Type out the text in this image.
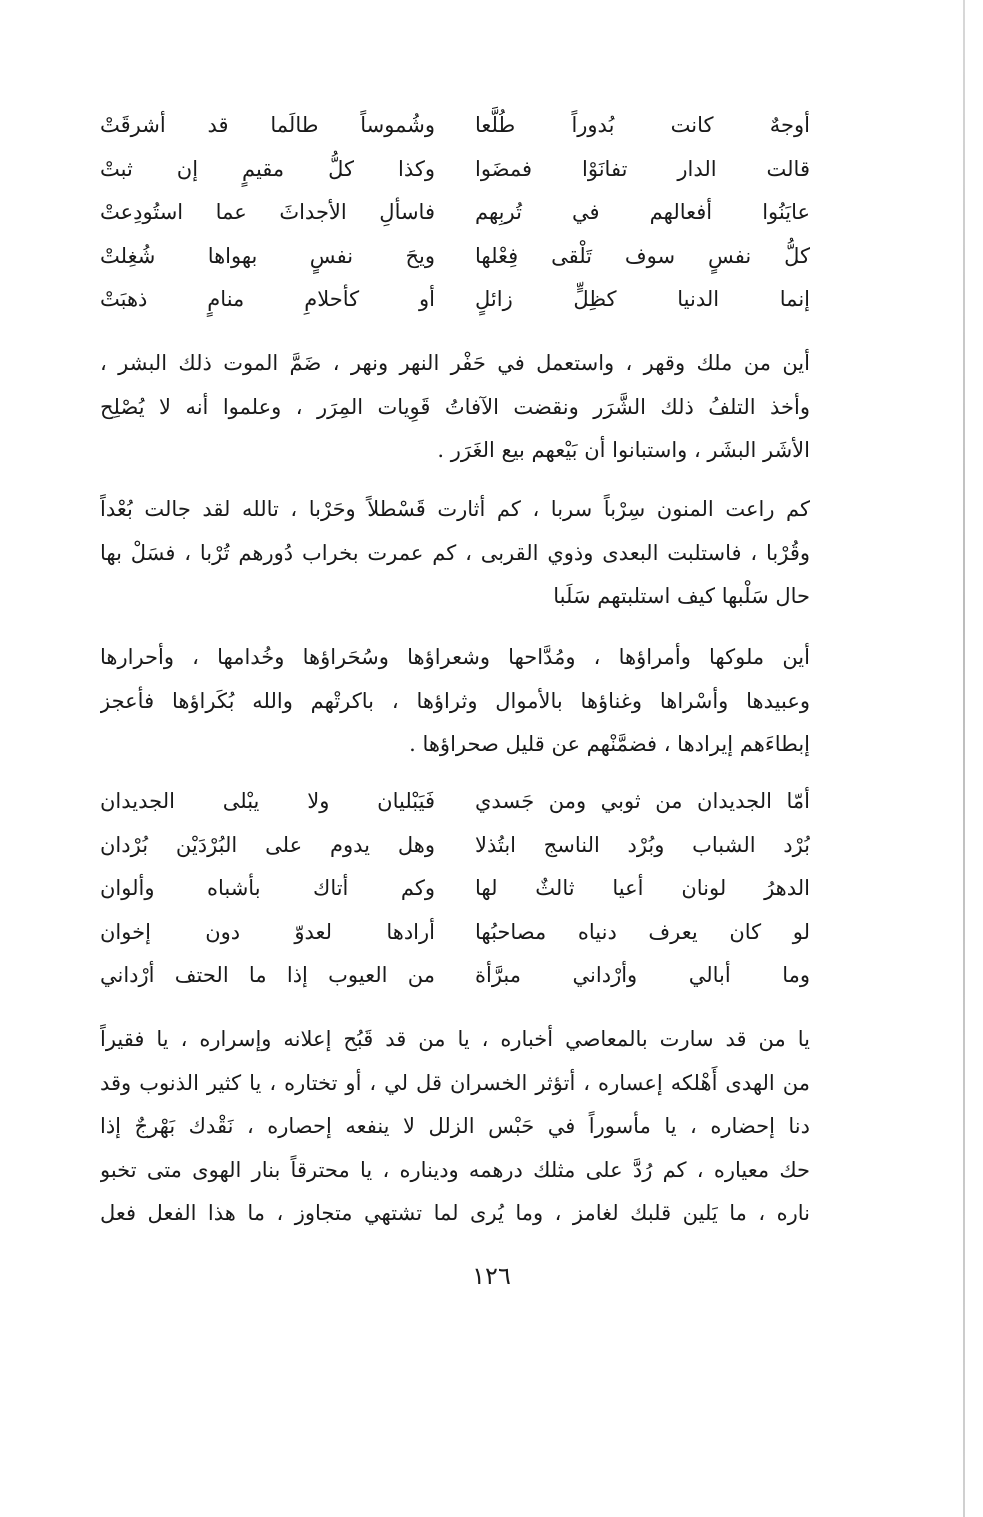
أوجهٌ كانت بُدوراً طُلَّعا
وشُموساً طالَما قد أشرقَتْ
قالت الدار تفانَوْا فمضَوا
وكذا كلُّ مقيمٍ إن ثبتْ
عايَنُوا أفعالهم في تُربِهم
فاسألِ الأجداثَ عما استُودِعتْ
كلُّ نفسٍ سوف تَلْقى فِعْلها
ويحَ نفسٍ بهواها شُغِلتْ
إنما الدنيا كظِلٍّ زائلٍ
أو كأحلامِ منامٍ ذهبَتْ
أين من ملك وقهر ، واستعمل في حَفْر النهر ونهر ، ضَمَّ الموت ذلك البشر ،
وأخذ التلفُ ذلك الشَّرَر ونقضت الآفاتُ قَوِيات المِرَر ، وعلموا أنه لا يُصْلِح
الأشَر البشَر ، واستبانوا أن بَيْعهم بيع الغَرَر .
كم راعت المنون سِرْباً سربا ، كم أثارت قَسْطلاً وحَرْبا ، تالله لقد جالت بُعْداً
وقُرْبا ، فاستلبت البعدى وذوي القربى ، كم عمرت بخراب دُورهم تُرْبا ، فسَلْ بها
حال سَلْبها كيف استلبتهم سَلَبا
أين ملوكها وأمراؤها ، ومُدَّاحها وشعراؤها وسُحَراؤها وخُدامها ، وأحرارها
وعبيدها وأسْراها وغناؤها بالأموال وثراؤها ، باكرتْهم والله بُكَراؤها فأعجز
إبطاءَهم إيرادها ، فضمَّنْهم عن قليل صحراؤها .
أمّا الجديدان من ثوبي ومن جَسدي
فَيَبْليان ولا يبْلى الجديدان
بُرْد الشباب وبُرْد الناسج ابتُذلا
وهل يدوم على البُرْدَيْن بُرْدان
الدهرُ لونان أعيا ثالثٌ لها
وكم أتاك بأشباه وألوان
لو كان يعرف دنياه مصاحبُها
أرادها لعدوّ دون إخوان
وما أبالي وأرْداني مبرَّأة
من العيوب إذا ما الحتف أرْداني
يا من قد سارت بالمعاصي أخباره ، يا من قد قَبُح إعلانه وإسراره ، يا فقيراً
من الهدى أَهْلكه إعساره ، أتؤثر الخسران قل لي ، أو تختاره ، يا كثير الذنوب وقد
دنا إحضاره ، يا مأسوراً في حَبْس الزلل لا ينفعه إحصاره ، نَقْدك بَهْرجٌ إذا
حك معياره ، كم رُدَّ على مثلك درهمه وديناره ، يا محترقاً بنار الهوى متى تخبو
ناره ، ما يَلين قلبك لغامز ، وما يُرى لما تشتهي متجاوز ، ما هذا الفعل فعل
١٢٦
